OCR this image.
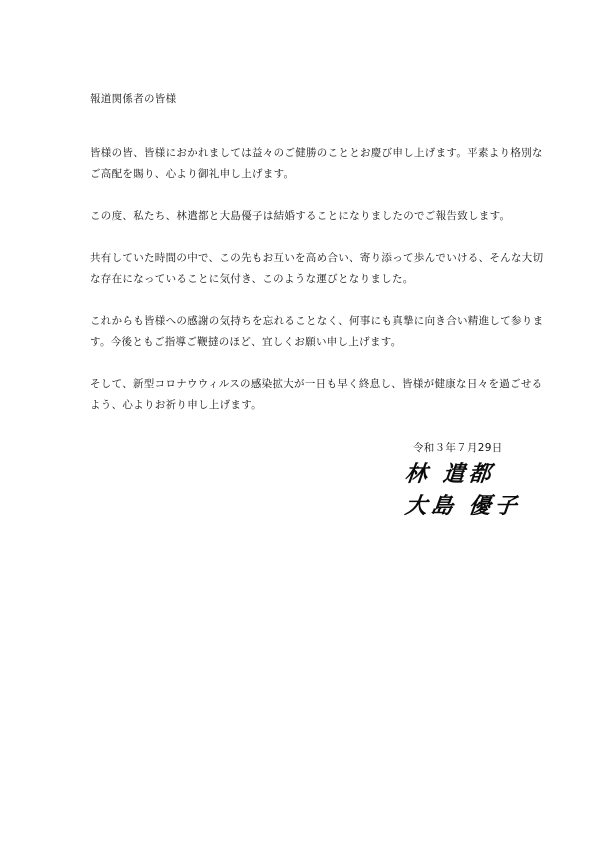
報道関係者の皆様

皆様の皆、皆様におかれましては益々のご健勝のこととお慶び申し上げます。平素より格別な
ご高配を賜り、心より御礼申し上げます。

この度、私たち、林遣都と大島優子は結婚することになりましたのでご報告致します。

共有していた時間の中で、この先もお互いを高め合い、寄り添って歩んでいける、そんな大切
な存在になっていることに気付き、このような運びとなりました。

これからも皆様への感謝の気持ちを忘れることなく、何事にも真摯に向き合い精進して参りま
す。今後ともご指導ご鞭撻のほど、宜しくお願い申し上げます。

そして、新型コロナウウィルスの感染拡大が一日も早く終息し、皆様が健康な日々を過ごせる
よう、心よりお祈り申し上げます。

令和３年７月29日
林 遣都
大島 優子
